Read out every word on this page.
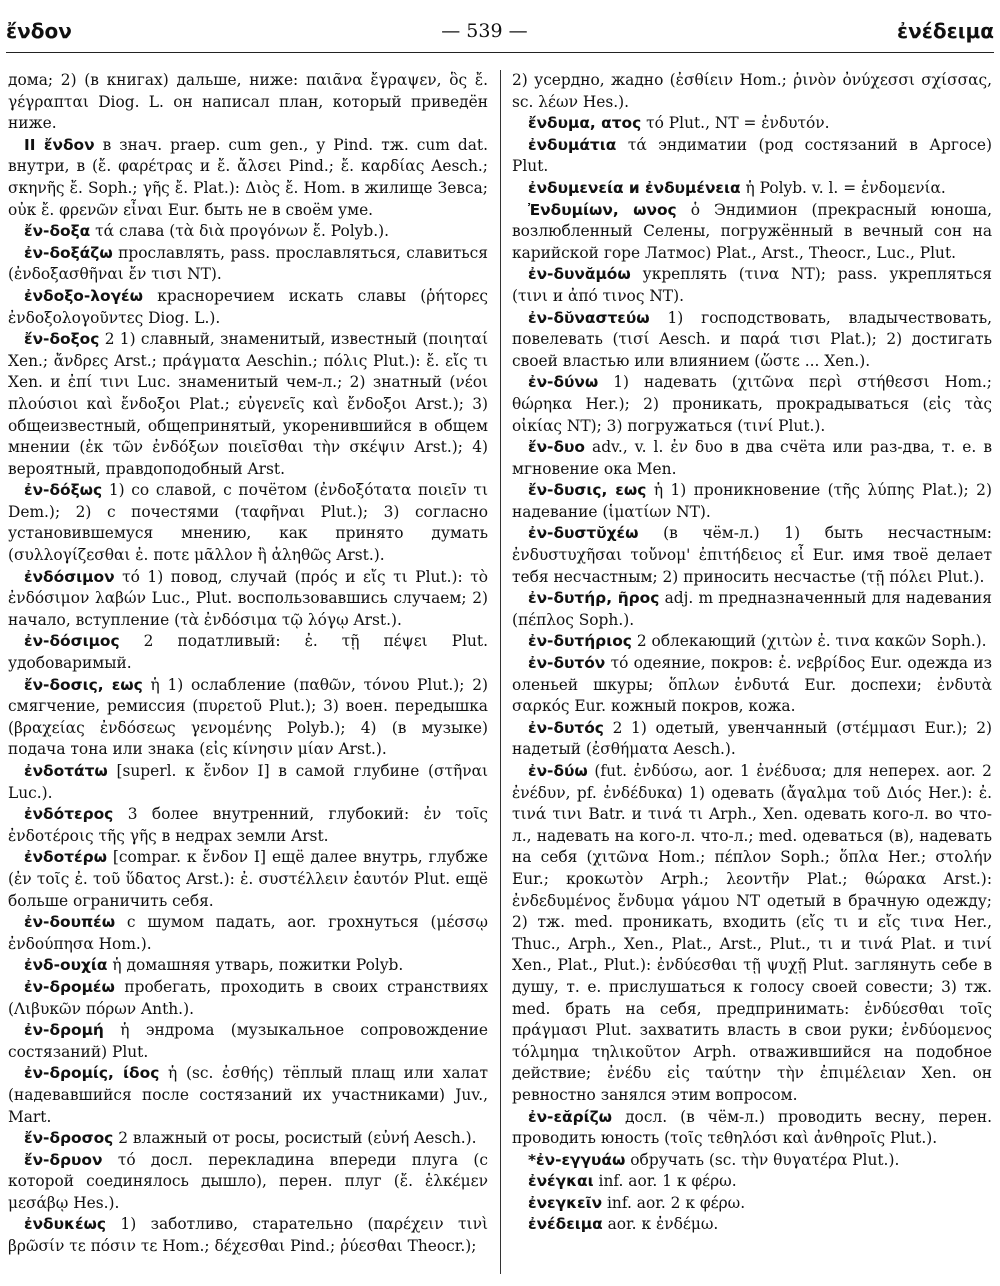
ἔνδον	— 539 —	ἐνέδειμα

дома; 2) (в книгах) дальше, ниже: παιᾶνα ἔγραψεν, ὃς ἔ. γέγραπται Diog. L. он написал план, который приведён ниже.

II ἔνδον в знач. praep. cum gen., у Pind. тж. cum dat. внутри, в (ἔ. φαρέτρας и ἔ. ἄλσει Pind.; ἔ. καρδίας Aesch.; σκηνῆς ἔ. Soph.; γῆς ἔ. Plat.): Διὸς ἔ. Hom. в жилище Зевса; οὐκ ἔ. φρενῶν εἶναι Eur. быть не в своём уме.

ἔν-δοξα τά слава (τὰ διὰ προγόνων ἔ. Polyb.).

ἐν-δοξάζω прославлять, pass. прославляться, славиться (ἐνδοξασθῆναι ἔν τισι NT).

ἐνδοξο-λογέω красноречием искать славы (ῥήτορες ἐνδοξολογοῦντες Diog. L.).

ἔν-δοξος 2 1) славный, знаменитый, известный (ποιηταί Xen.; ἄνδρες Arst.; πράγματα Aeschin.; πόλις Plut.): ἔ. εἴς τι Xen. и ἐπί τινι Luc. знаменитый чем-л.; 2) знатный (νέοι πλούσιοι καὶ ἔνδοξοι Plat.; εὐγενεῖς καὶ ἔνδοξοι Arst.); 3) общеизвестный, общепринятый, укоренившийся в общем мнении (ἐκ τῶν ἐνδόξων ποιεῖσθαι τὴν σκέψιν Arst.); 4) вероятный, правдоподобный Arst.

ἐν-δόξως 1) со славой, с почётом (ἐνδοξότατα ποιεῖν τι Dem.); 2) с почестями (ταφῆναι Plut.); 3) согласно установившемуся мнению, как принято думать (συλλογίζεσθαι ἐ. ποτε μᾶλλον ἢ ἀληθῶς Arst.).

ἐνδόσιμον τό 1) повод, случай (πρός и εἴς τι Plut.): τὸ ἐνδόσιμον λαβών Luc., Plut. воспользовавшись случаем; 2) начало, вступление (τὰ ἐνδόσιμα τῷ λόγῳ Arst.).

ἐν-δόσιμος 2 податливый: ἐ. τῇ πέψει Plut. удобоваримый.

ἔν-δοσις, εως ἡ 1) ослабление (παθῶν, τόνου Plut.); 2) смягчение, ремиссия (πυρετοῦ Plut.); 3) воен. передышка (βραχείας ἐνδόσεως γενομένης Polyb.); 4) (в музыке) подача тона или знака (εἰς κίνησιν μίαν Arst.).

ἐνδοτάτω [superl. к ἔνδον I] в самой глубине (στῆναι Luc.).

ἐνδότερος 3 более внутренний, глубокий: ἐν τοῖς ἐνδοτέροις τῆς γῆς в недрах земли Arst.

ἐνδοτέρω [compar. к ἔνδον I] ещё далее внутрь, глубже (ἐν τοῖς ἐ. τοῦ ὕδατος Arst.): ἐ. συστέλλειν ἑαυτόν Plut. ещё больше ограничить себя.

ἐν-δουπέω с шумом падать, aor. грохнуться (μέσσῳ ἐνδούπησα Hom.).

ἐνδ-ουχία ἡ домашняя утварь, пожитки Polyb.

ἐν-δρομέω пробегать, проходить в своих странствиях (Λιβυκῶν πόρων Anth.).

ἐν-δρομή ἡ эндрома (музыкальное сопровождение состязаний) Plut.

ἐν-δρομίς, ίδος ἡ (sc. ἐσθής) тёплый плащ или халат (надевавшийся после состязаний их участниками) Juv., Mart.

ἔν-δροσος 2 влажный от росы, росистый (εὐνή Aesch.).

ἔν-δρυον τό досл. перекладина впереди плуга (с которой соединялось дышло), перен. плуг (ἔ. ἑλκέμεν μεσάβῳ Hes.).

ἐνδυκέως 1) заботливо, старательно (παρέχειν τινὶ βρῶσίν τε πόσιν τε Hom.; δέχεσθαι Pind.; ῥύεσθαι Theocr.);

2) усердно, жадно (ἐσθίειν Hom.; ῥινὸν ὀνύχεσσι σχίσσας, sc. λέων Hes.).

ἔνδυμα, ατος τό Plut., NT = ἐνδυτόν.

ἐνδυμάτια τά эндиматии (род состязаний в Аргосе) Plut.

ἐνδυμενεία и ἐνδυμένεια ἡ Polyb. v. l. = ἐνδομενία.

Ἐνδυμίων, ωνος ὁ Эндимион (прекрасный юноша, возлюбленный Селены, погружённый в вечный сон на карийской горе Латмос) Plat., Arst., Theocr., Luc., Plut.

ἐν-δυνᾰμόω укреплять (τινα NT); pass. укрепляться (τινι и ἀπό τινος NT).

ἐν-δῠναστεύω 1) господствовать, владычествовать, повелевать (τισί Aesch. и παρά τισι Plat.); 2) достигать своей властью или влиянием (ὥστε ... Xen.).

ἐν-δύνω 1) надевать (χιτῶνα περὶ στήθεσσι Hom.; θώρηκα Her.); 2) проникать, прокрадываться (εἰς τὰς οἰκίας NT); 3) погружаться (τινί Plut.).

ἔν-δυο adv., v. l. ἐν δυο в два счёта или раз-два, т. е. в мгновение ока Men.

ἔν-δυσις, εως ἡ 1) проникновение (τῆς λύπης Plat.); 2) надевание (ἱματίων NT).

ἐν-δυστῠχέω (в чём-л.) 1) быть несчастным: ἐνδυστυχῆσαι τοὔνομ' ἐπιτήδειος εἶ Eur. имя твоё делает тебя несчастным; 2) приносить несчастье (τῇ πόλει Plut.).

ἐν-δυτήρ, ῆρος adj. m предназначенный для надевания (πέπλος Soph.).

ἐν-δυτήριος 2 облекающий (χιτὼν ἐ. τινα κακῶν Soph.).

ἐν-δυτόν τό одеяние, покров: ἐ. νεβρίδος Eur. одежда из оленьей шкуры; ὅπλων ἐνδυτά Eur. доспехи; ἐνδυτὰ σαρκός Eur. кожный покров, кожа.

ἐν-δυτός 2 1) одетый, увенчанный (στέμμασι Eur.); 2) надетый (ἐσθήματα Aesch.).

ἐν-δύω (fut. ἐνδύσω, aor. 1 ἐνέδυσα; для неперех. aor. 2 ἐνέδυν, pf. ἐνδέδυκα) 1) одевать (ἄγαλμα τοῦ Διός Her.): ἐ. τινά τινι Batr. и τινά τι Arph., Xen. одевать кого-л. во что-л., надевать на кого-л. что-л.; med. одеваться (в), надевать на себя (χιτῶνα Hom.; πέπλον Soph.; ὅπλα Her.; στολήν Eur.; κροκωτὸν Arph.; λεοντῆν Plat.; θώρακα Arst.): ἐνδεδυμένος ἔνδυμα γάμου NT одетый в брачную одежду; 2) тж. med. проникать, входить (εἴς τι и εἴς τινα Her., Thuc., Arph., Xen., Plat., Arst., Plut., τι и τινά Plat. и τινί Xen., Plat., Plut.): ἐνδύεσθαι τῇ ψυχῇ Plut. заглянуть себе в душу, т. е. прислушаться к голосу своей совести; 3) тж. med. брать на себя, предпринимать: ἐνδύεσθαι τοῖς πράγμασι Plut. захватить власть в свои руки; ἐνδύομενος τόλμημα τηλικοῦτον Arph. отважившийся на подобное действие; ἐνέδυ εἰς ταύτην τὴν ἐπιμέλειαν Xen. он ревностно занялся этим вопросом.

ἐν-εᾰρίζω досл. (в чём-л.) проводить весну, перен. проводить юность (τοῖς τεθηλόσι καὶ ἀνθηροῖς Plut.).

*ἐν-εγγυάω обручать (sc. τὴν θυγατέρα Plut.).

ἐνέγκαι inf. aor. 1 к φέρω.

ἐνεγκεῖν inf. aor. 2 к φέρω.

ἐνέδειμα aor. к ἐνδέμω.
